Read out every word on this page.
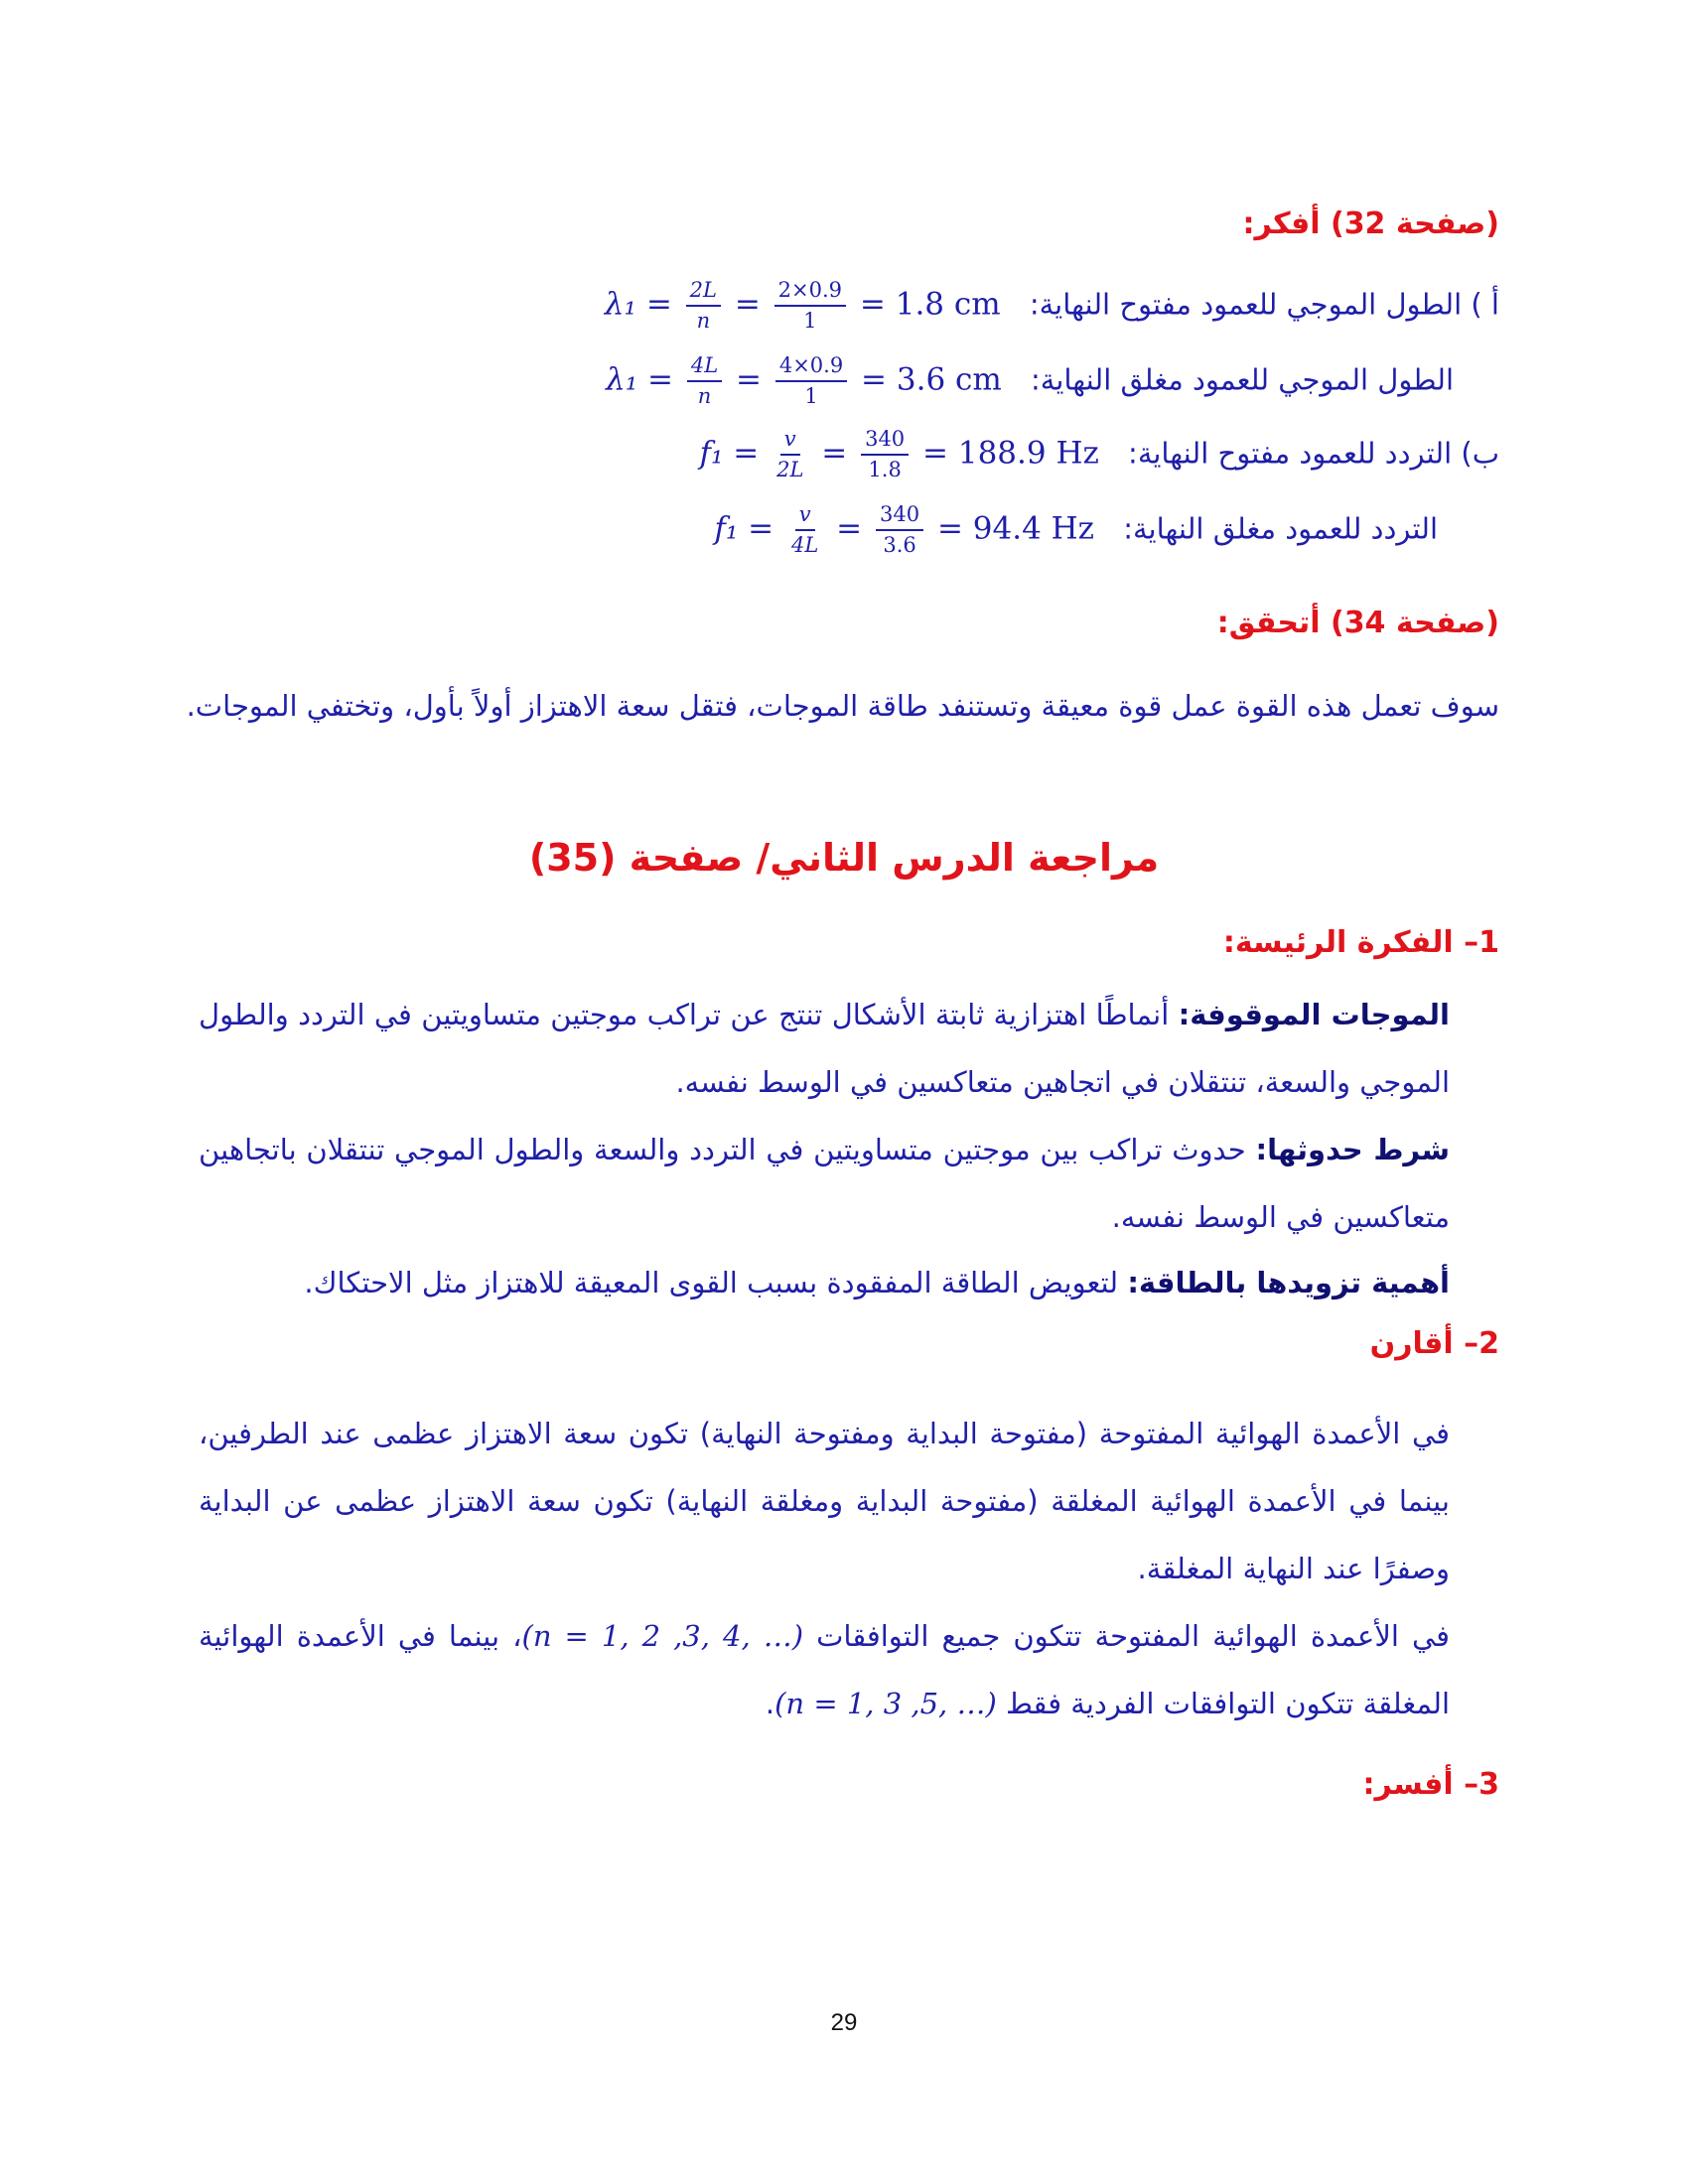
(صفحة 32) أفكر:
أ ) الطول الموجي للعمود مفتوح النهاية: $\lambda_1 = \frac{2L}{n} = \frac{2\times 0.9}{1} = 1.8$ cm
الطول الموجي للعمود مغلق النهاية: $\lambda_1 = \frac{4L}{n} = \frac{4\times 0.9}{1} = 3.6$ cm
ب) التردد للعمود مفتوح النهاية: $f_1 = \frac{v}{2L} = \frac{340}{1.8} = 188.9$ Hz
التردد للعمود مغلق النهاية: $f_1 = \frac{v}{4L} = \frac{340}{3.6} = 94.4$ Hz
(صفحة 34) أتحقق:
سوف تعمل هذه القوة عمل قوة معيقة وتستنفد طاقة الموجات، فتقل سعة الاهتزاز أولاً بأول، وتختفي الموجات.
مراجعة الدرس الثاني/ صفحة (35)
1– الفكرة الرئيسة:
الموجات الموقوفة: أنماطًا اهتزازية ثابتة الأشكال تنتج عن تراكب موجتين متساويتين في التردد والطول الموجي والسعة، تنتقلان في اتجاهين متعاكسين في الوسط نفسه.
شرط حدوثها: حدوث تراكب بين موجتين متساويتين في التردد والسعة والطول الموجي تنتقلان باتجاهين متعاكسين في الوسط نفسه.
أهمية تزويدها بالطاقة: لتعويض الطاقة المفقودة بسبب القوى المعيقة للاهتزاز مثل الاحتكاك.
2– أقارن
في الأعمدة الهوائية المفتوحة (مفتوحة البداية ومفتوحة النهاية) تكون سعة الاهتزاز عظمى عند الطرفين، بينما في الأعمدة الهوائية المغلقة (مفتوحة البداية ومغلقة النهاية) تكون سعة الاهتزاز عظمى عن البداية وصفرًا عند النهاية المغلقة.
في الأعمدة الهوائية المفتوحة تتكون جميع التوافقات (n = 1, 2 ,3, 4, …)، بينما في الأعمدة الهوائية المغلقة تتكون التوافقات الفردية فقط (n = 1, 3 ,5, …).
3– أفسر:
29
